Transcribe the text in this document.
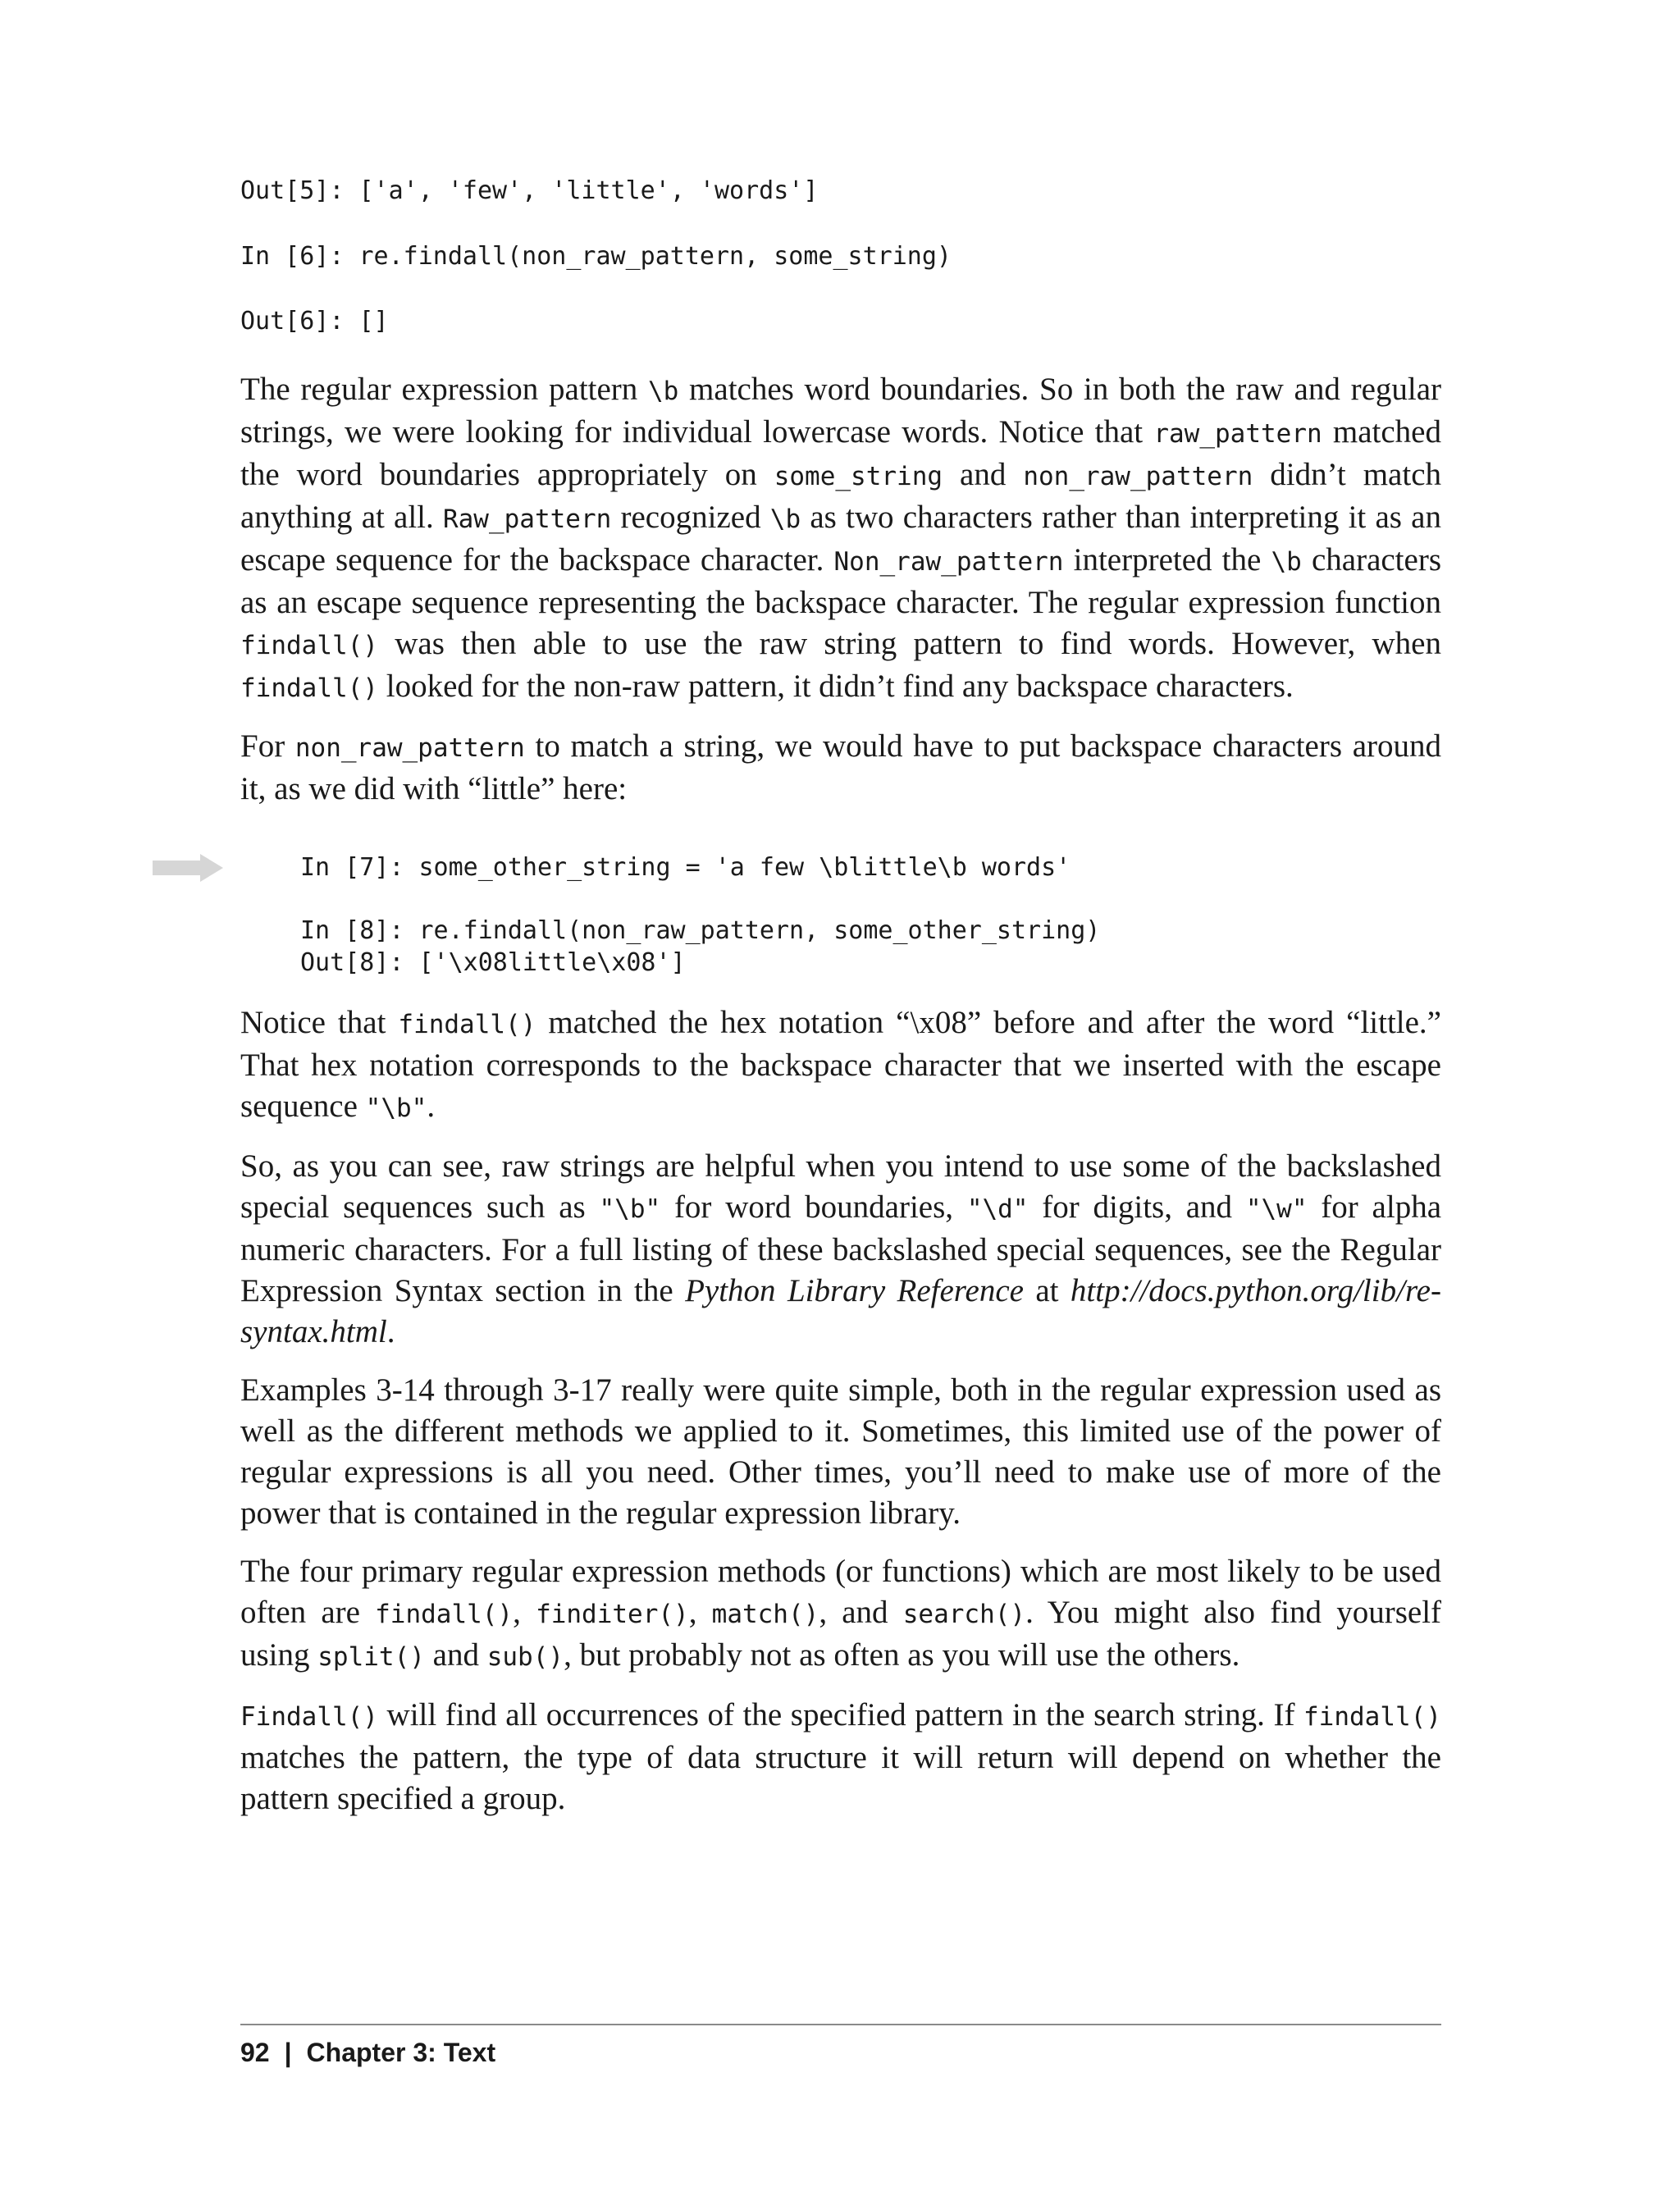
Out[5]: ['a', 'few', 'little', 'words']
In [6]: re.findall(non_raw_pattern, some_string)
Out[6]: []

The regular expression pattern \b matches word boundaries. So in both the raw and regular strings, we were looking for individual lowercase words. Notice that raw_pattern matched the word boundaries appropriately on some_string and non_raw_pattern didn’t match anything at all. Raw_pattern recognized \b as two characters rather than interpreting it as an escape sequence for the backspace character. Non_raw_pattern interpreted the \b characters as an escape sequence representing the backspace character. The regular expression function findall() was then able to use the raw string pattern to find words. However, when findall() looked for the non-raw pattern, it didn’t find any backspace characters.

For non_raw_pattern to match a string, we would have to put backspace characters around it, as we did with “little” here:

In [7]: some_other_string = 'a few \blittle\b words'
In [8]: re.findall(non_raw_pattern, some_other_string)
Out[8]: ['\x08little\x08']

Notice that findall() matched the hex notation “\x08” before and after the word “little.” That hex notation corresponds to the backspace character that we inserted with the escape sequence "\b".

So, as you can see, raw strings are helpful when you intend to use some of the backslashed special sequences such as "\b" for word boundaries, "\d" for digits, and "\w" for alpha numeric characters. For a full listing of these backslashed special sequences, see the Regular Expression Syntax section in the Python Library Reference at http://docs.python.org/lib/re-syntax.html.

Examples 3-14 through 3-17 really were quite simple, both in the regular expression used as well as the different methods we applied to it. Sometimes, this limited use of the power of regular expressions is all you need. Other times, you’ll need to make use of more of the power that is contained in the regular expression library.

The four primary regular expression methods (or functions) which are most likely to be used often are findall(), finditer(), match(), and search(). You might also find yourself using split() and sub(), but probably not as often as you will use the others.

Findall() will find all occurrences of the specified pattern in the search string. If findall() matches the pattern, the type of data structure it will return will depend on whether the pattern specified a group.

92 | Chapter 3: Text
